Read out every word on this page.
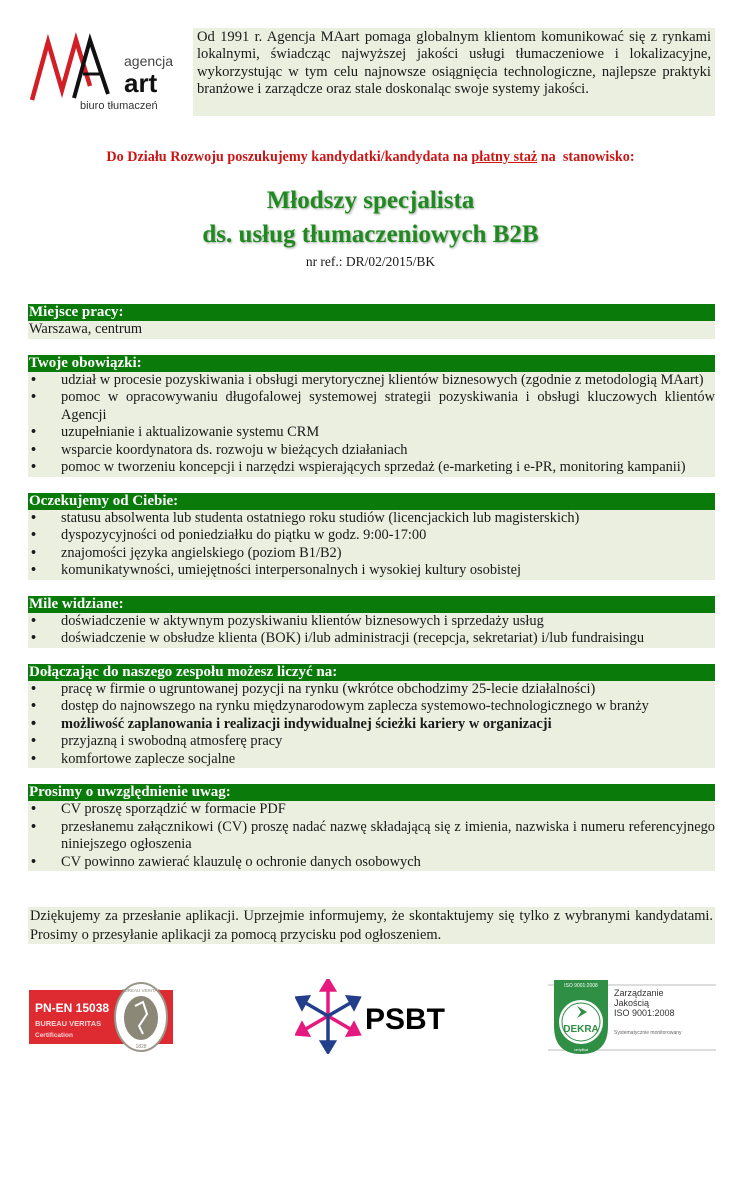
agencja
art
biuro tłumaczeń
Od 1991 r. Agencja MAart pomaga globalnym klientom komunikować się z rynkami lokalnymi, świadcząc najwyższej jakości usługi tłumaczeniowe i lokalizacyjne, wykorzystując w tym celu najnowsze osiągnięcia technologiczne, najlepsze praktyki branżowe i zarządcze oraz stale doskonaląc swoje systemy jakości.
Do Działu Rozwoju poszukujemy kandydatki/kandydata na płatny staż na  stanowisko:
Młodszy specjalista
ds. usług tłumaczeniowych B2B
nr ref.: DR/02/2015/BK
Miejsce pracy:
Warszawa, centrum
Twoje obowiązki:
• udział w procesie pozyskiwania i obsługi merytorycznej klientów biznesowych (zgodnie z metodologią MAart)
• pomoc w opracowywaniu długofalowej systemowej strategii pozyskiwania i obsługi kluczowych klientów Agencji
• uzupełnianie i aktualizowanie systemu CRM
• wsparcie koordynatora ds. rozwoju w bieżących działaniach
• pomoc w tworzeniu koncepcji i narzędzi wspierających sprzedaż (e-marketing i e-PR, monitoring kampanii)
Oczekujemy od Ciebie:
• statusu absolwenta lub studenta ostatniego roku studiów (licencjackich lub magisterskich)
• dyspozycyjności od poniedziałku do piątku w godz. 9:00-17:00
• znajomości języka angielskiego (poziom B1/B2)
• komunikatywności, umiejętności interpersonalnych i wysokiej kultury osobistej
Mile widziane:
• doświadczenie w aktywnym pozyskiwaniu klientów biznesowych i sprzedaży usług
• doświadczenie w obsłudze klienta (BOK) i/lub administracji (recepcja, sekretariat) i/lub fundraisingu
Dołączając do naszego zespołu możesz liczyć na:
• pracę w firmie o ugruntowanej pozycji na rynku (wkrótce obchodzimy 25-lecie działalności)
• dostęp do najnowszego na rynku międzynarodowym zaplecza systemowo-technologicznego w branży
• możliwość zaplanowania i realizacji indywidualnej ścieżki kariery w organizacji
• przyjazną i swobodną atmosferę pracy
• komfortowe zaplecze socjalne
Prosimy o uwzględnienie uwag:
• CV proszę sporządzić w formacie PDF
• przesłanemu załącznikowi (CV) proszę nadać nazwę składającą się z imienia, nazwiska i numeru referencyjnego niniejszego ogłoszenia
• CV powinno zawierać klauzulę o ochronie danych osobowych
Dziękujemy za przesłanie aplikacji. Uprzejmie informujemy, że skontaktujemy się tylko z wybranymi kandydatami. Prosimy o przesyłanie aplikacji za pomocą przycisku pod ogłoszeniem.
PN-EN 15038
BUREAU VERITAS
Certification
BUREAU VERITAS
1828
PSBT
ISO 9001:2008
DEKRA
certyfikat
Zarządzanie
Jakością
ISO 9001:2008
Systematycznie monitorowany
